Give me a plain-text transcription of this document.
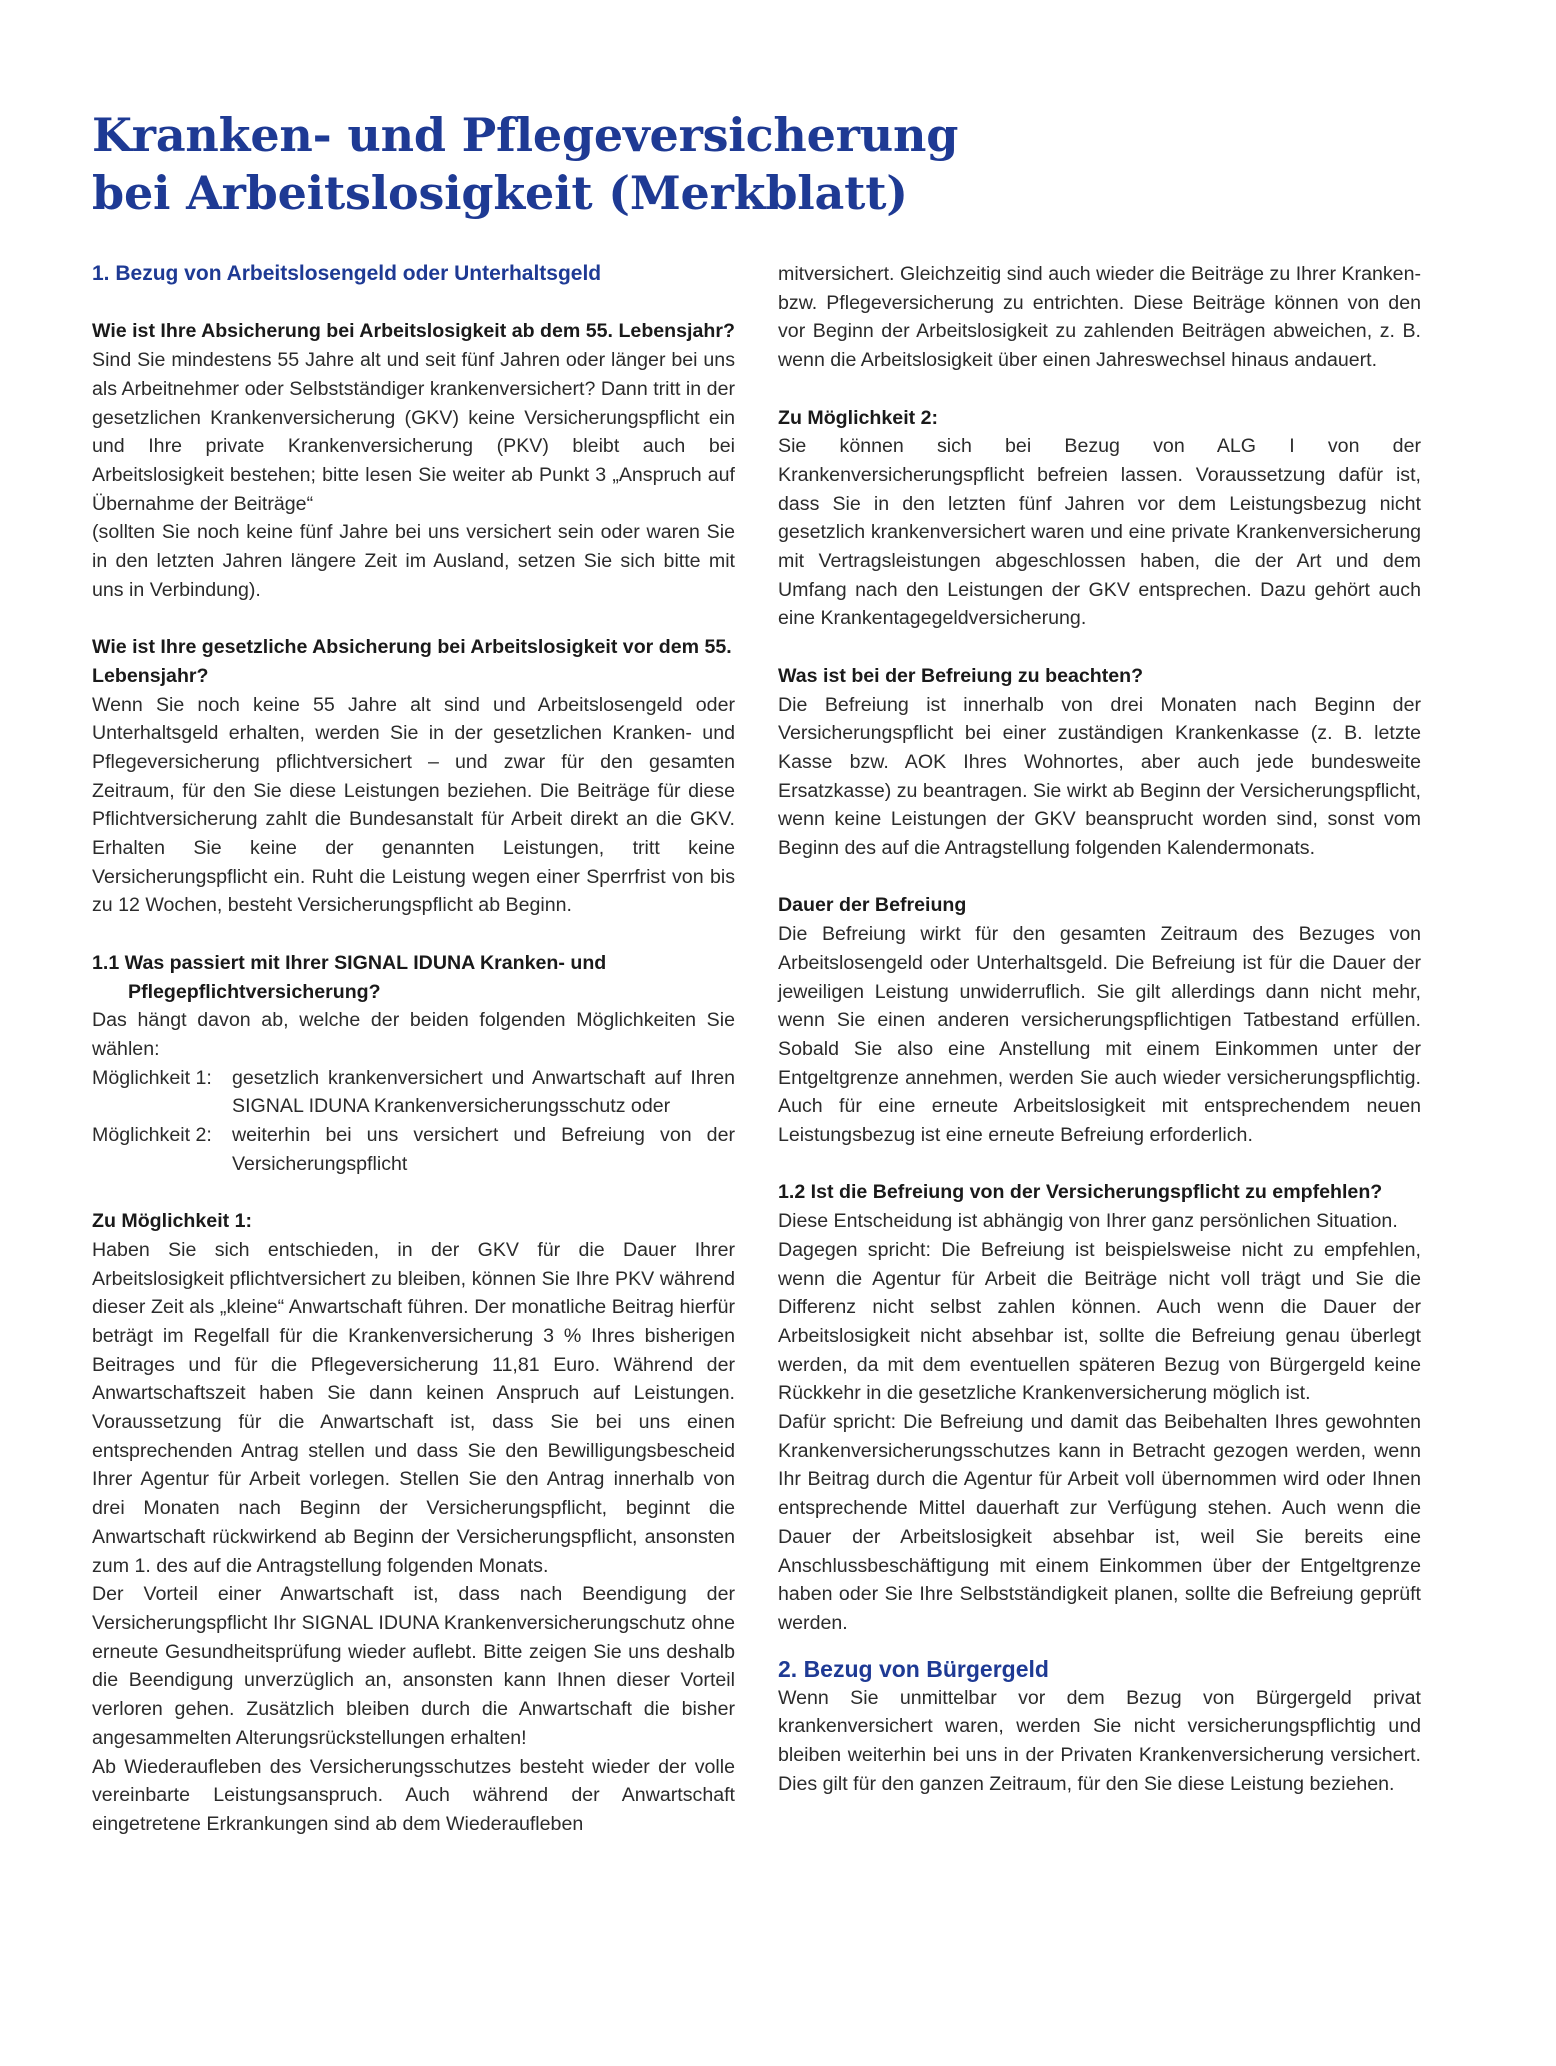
Kranken- und Pflegeversicherung
bei Arbeitslosigkeit (Merkblatt)

1. Bezug von Arbeitslosengeld oder Unterhaltsgeld

Wie ist Ihre Absicherung bei Arbeitslosigkeit ab dem 55. Lebensjahr?

Sind Sie mindestens 55 Jahre alt und seit fünf Jahren oder länger bei uns als Arbeitnehmer oder Selbstständiger krankenversichert? Dann tritt in der gesetzlichen Krankenversicherung (GKV) keine Versicherungspflicht ein und Ihre private Krankenversicherung (PKV) bleibt auch bei Arbeitslosigkeit bestehen; bitte lesen Sie weiter ab Punkt 3 „Anspruch auf Übernahme der Beiträge“

(sollten Sie noch keine fünf Jahre bei uns versichert sein oder waren Sie in den letzten Jahren längere Zeit im Ausland, setzen Sie sich bitte mit uns in Verbindung).

Wie ist Ihre gesetzliche Absicherung bei Arbeitslosigkeit vor dem 55. Lebensjahr?

Wenn Sie noch keine 55 Jahre alt sind und Arbeitslosengeld oder Unterhaltsgeld erhalten, werden Sie in der gesetzlichen Kranken- und Pflegeversicherung pflichtversichert – und zwar für den gesamten Zeitraum, für den Sie diese Leistungen beziehen. Die Beiträge für diese Pflichtversicherung zahlt die Bundesanstalt für Arbeit direkt an die GKV. Erhalten Sie keine der genannten Leistungen, tritt keine Versicherungspflicht ein. Ruht die Leistung wegen einer Sperrfrist von bis zu 12 Wochen, besteht Versicherungspflicht ab Beginn.

1.1 Was passiert mit Ihrer SIGNAL IDUNA Kranken- und Pflegepflichtversicherung?

Das hängt davon ab, welche der beiden folgenden Möglichkeiten Sie wählen:

Möglichkeit 1:	gesetzlich krankenversichert und Anwartschaft auf Ihren SIGNAL IDUNA Krankenversicherungsschutz oder
Möglichkeit 2:	weiterhin bei uns versichert und Befreiung von der Versicherungspflicht

Zu Möglichkeit 1:

Haben Sie sich entschieden, in der GKV für die Dauer Ihrer Arbeitslosigkeit pflichtversichert zu bleiben, können Sie Ihre PKV während dieser Zeit als „kleine“ Anwartschaft führen. Der monatliche Beitrag hierfür beträgt im Regelfall für die Krankenversicherung 3 % Ihres bisherigen Beitrages und für die Pflegeversicherung 11,81 Euro. Während der Anwartschaftszeit haben Sie dann keinen Anspruch auf Leistungen. Voraussetzung für die Anwartschaft ist, dass Sie bei uns einen entsprechenden Antrag stellen und dass Sie den Bewilligungsbescheid Ihrer Agentur für Arbeit vorlegen. Stellen Sie den Antrag innerhalb von drei Monaten nach Beginn der Versicherungspflicht, beginnt die Anwartschaft rückwirkend ab Beginn der Versicherungspflicht, ansonsten zum 1. des auf die Antragstellung folgenden Monats.

Der Vorteil einer Anwartschaft ist, dass nach Beendigung der Versicherungspflicht Ihr SIGNAL IDUNA Krankenversicherungschutz ohne erneute Gesundheitsprüfung wieder auflebt. Bitte zeigen Sie uns deshalb die Beendigung unverzüglich an, ansonsten kann Ihnen dieser Vorteil verloren gehen. Zusätzlich bleiben durch die Anwartschaft die bisher angesammelten Alterungsrückstellungen erhalten!

Ab Wiederaufleben des Versicherungsschutzes besteht wieder der volle vereinbarte Leistungsanspruch. Auch während der Anwartschaft eingetretene Erkrankungen sind ab dem Wiederaufleben

mitversichert. Gleichzeitig sind auch wieder die Beiträge zu Ihrer Kranken- bzw. Pflegeversicherung zu entrichten. Diese Beiträge können von den vor Beginn der Arbeitslosigkeit zu zahlenden Beiträgen abweichen, z. B. wenn die Arbeitslosigkeit über einen Jahreswechsel hinaus andauert.

Zu Möglichkeit 2:

Sie können sich bei Bezug von ALG I von der Krankenversicherungspflicht befreien lassen. Voraussetzung dafür ist, dass Sie in den letzten fünf Jahren vor dem Leistungsbezug nicht gesetzlich krankenversichert waren und eine private Krankenversicherung mit Vertragsleistungen abgeschlossen haben, die der Art und dem Umfang nach den Leistungen der GKV entsprechen. Dazu gehört auch eine Krankentagegeldversicherung.

Was ist bei der Befreiung zu beachten?

Die Befreiung ist innerhalb von drei Monaten nach Beginn der Versicherungspflicht bei einer zuständigen Krankenkasse (z. B. letzte Kasse bzw. AOK Ihres Wohnortes, aber auch jede bundesweite Ersatzkasse) zu beantragen. Sie wirkt ab Beginn der Versicherungspflicht, wenn keine Leistungen der GKV beansprucht worden sind, sonst vom Beginn des auf die Antragstellung folgenden Kalendermonats.

Dauer der Befreiung

Die Befreiung wirkt für den gesamten Zeitraum des Bezuges von Arbeitslosengeld oder Unterhaltsgeld. Die Befreiung ist für die Dauer der jeweiligen Leistung unwiderruflich. Sie gilt allerdings dann nicht mehr, wenn Sie einen anderen versicherungspflichtigen Tatbestand erfüllen. Sobald Sie also eine Anstellung mit einem Einkommen unter der Entgeltgrenze annehmen, werden Sie auch wieder versicherungspflichtig. Auch für eine erneute Arbeitslosigkeit mit entsprechendem neuen Leistungsbezug ist eine erneute Befreiung erforderlich.

1.2 Ist die Befreiung von der Versicherungspflicht zu empfehlen?

Diese Entscheidung ist abhängig von Ihrer ganz persönlichen Situation.

Dagegen spricht: Die Befreiung ist beispielsweise nicht zu empfehlen, wenn die Agentur für Arbeit die Beiträge nicht voll trägt und Sie die Differenz nicht selbst zahlen können. Auch wenn die Dauer der Arbeitslosigkeit nicht absehbar ist, sollte die Befreiung genau überlegt werden, da mit dem eventuellen späteren Bezug von Bürgergeld keine Rückkehr in die gesetzliche Krankenversicherung möglich ist.

Dafür spricht: Die Befreiung und damit das Beibehalten Ihres gewohnten Krankenversicherungsschutzes kann in Betracht gezogen werden, wenn Ihr Beitrag durch die Agentur für Arbeit voll übernommen wird oder Ihnen entsprechende Mittel dauerhaft zur Verfügung stehen. Auch wenn die Dauer der Arbeitslosigkeit absehbar ist, weil Sie bereits eine Anschlussbeschäftigung mit einem Einkommen über der Entgeltgrenze haben oder Sie Ihre Selbstständigkeit planen, sollte die Befreiung geprüft werden.

2. Bezug von Bürgergeld

Wenn Sie unmittelbar vor dem Bezug von Bürgergeld privat krankenversichert waren, werden Sie nicht versicherungspflichtig und bleiben weiterhin bei uns in der Privaten Krankenversicherung versichert. Dies gilt für den ganzen Zeitraum, für den Sie diese Leistung beziehen.
